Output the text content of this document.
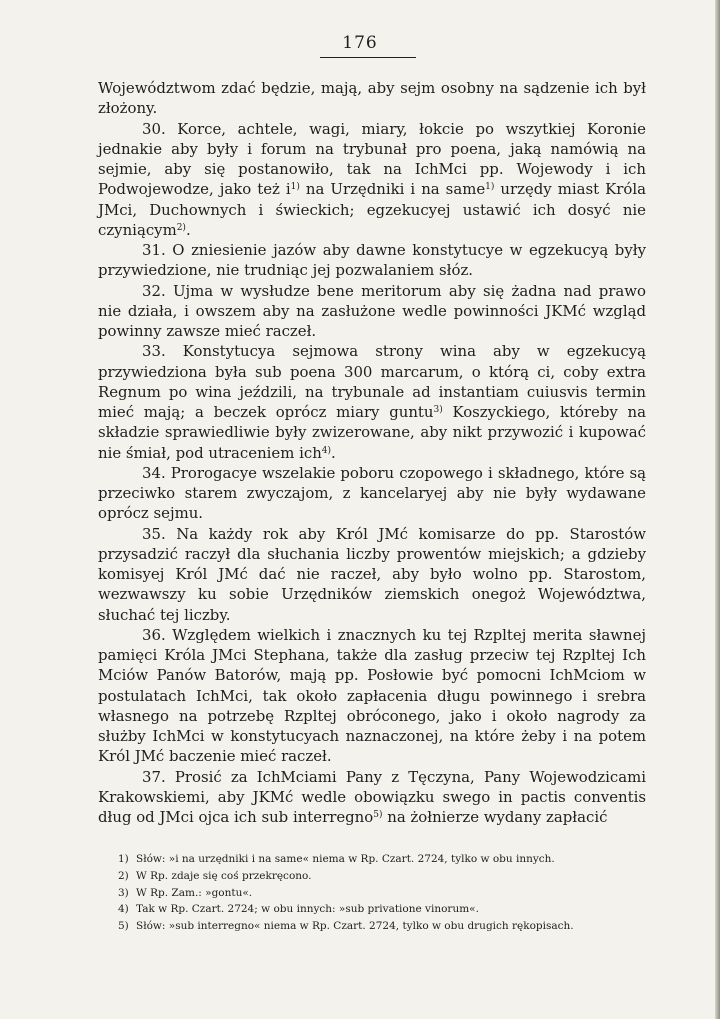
176

Województwom zdać będzie, mają, aby sejm osobny na sądzenie ich był złożony.

30. Korce, achtele, wagi, miary, łokcie po wszytkiej Koronie jednakie aby były i forum na trybunał pro poena, jaką namówią na sejmie, aby się postanowiło, tak na IchMci pp. Wojewody i ich Podwojewodze, jako też i$^{1)}$ na Urzędniki i na same$^{1)}$ urzędy miast Króla JMci, Duchownych i świeckich; egzekucyej ustawić ich dosyć nie czyniącym$^{2)}$.

31. O zniesienie jazów aby dawne konstytucye w egzekucyą były przywiedzione, nie trudniąc jej pozwalaniem słóz.

32. Ujma w wysłudze bene meritorum aby się żadna nad prawo nie działa, i owszem aby na zasłużone wedle powinności JKMć wzgląd powinny zawsze mieć raczeł.

33. Konstytucya sejmowa strony wina aby w egzekucyą przywiedziona była sub poena 300 marcarum, o którą ci, coby extra Regnum po wina jeździli, na trybunale ad instantiam cuiusvis termin mieć mają; a beczek oprócz miary guntu$^{3)}$ Koszyckiego, któreby na składzie sprawiedliwie były zwizerowane, aby nikt przywozić i kupować nie śmiał, pod utraceniem ich$^{4)}$.

34. Prorogacye wszelakie poboru czopowego i składnego, które są przeciwko starem zwyczajom, z kancelaryej aby nie były wydawane oprócz sejmu.

35. Na każdy rok aby Król JMć komisarze do pp. Starostów przysadzić raczył dla słuchania liczby prowentów miejskich; a gdzieby komisyej Król JMć dać nie raczeł, aby było wolno pp. Starostom, wezwawszy ku sobie Urzędników ziemskich onegoż Województwa, słuchać tej liczby.

36. Względem wielkich i znacznych ku tej Rzpltej merita sławnej pamięci Króla JMci Stephana, także dla zasług przeciw tej Rzpltej Ich Mciów Panów Batorów, mają pp. Posłowie być pomocni IchMciom w postulatach IchMci, tak około zapłacenia długu powinnego i srebra własnego na potrzebę Rzpltej obróconego, jako i około nagrody za służby IchMci w konstytucyach naznaczonej, na które żeby i na potem Król JMć baczenie mieć raczeł.

37. Prosić za IchMciami Pany z Tęczyna, Pany Wojewodzicami Krakowskiemi, aby JKMć wedle obowiązku swego in pactis conventis dług od JMci ojca ich sub interregno$^{5)}$ na żołnierze wydany zapłacić

1) Słów: »i na urzędniki i na same« niema w Rp. Czart. 2724, tylko w obu innych.

2) W Rp. zdaje się coś przekręcono.

3) W Rp. Zam.: »gontu«.

4) Tak w Rp. Czart. 2724; w obu innych: »sub privatione vinorum«.

5) Słów: »sub interregno« niema w Rp. Czart. 2724, tylko w obu drugich rękopisach.
